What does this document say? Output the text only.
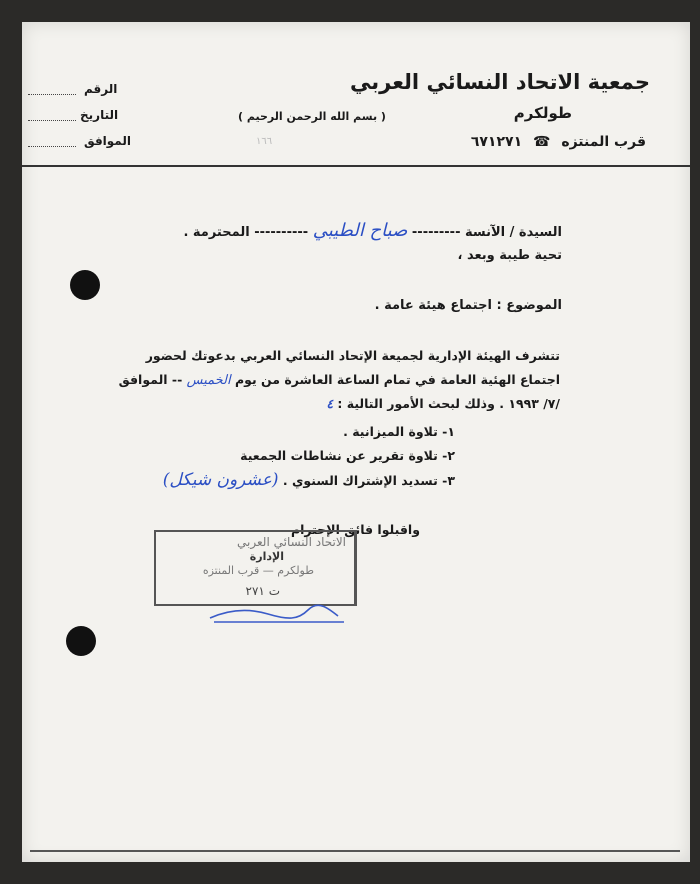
جمعية الاتحاد النسائي العربي
طولكرم
قرب المنتزه ☎ ٦٧١٢٧١
( بسم الله الرحمن الرحيم )
١٦٦
الرقم
التاريخ
الموافق
السيدة / الآنسة --------- صباح الطيبي ---------- المحترمة .
تحية طيبة وبعد ،
الموضوع : اجتماع هيئة عامة .
تتشرف الهيئة الإدارية لجميعة الإتحاد النسائي العربي بدعوتك لحضور
اجتماع الهئية العامة في تمام الساعة العاشرة من يوم الخميس -- الموافق
/٧/ ١٩٩٣ . وذلك لبحث الأمور التالية : ٤
١- تلاوة الميزانية .
٢- تلاوة تقرير عن نشاطات الجمعية
٣- تسديد الإشتراك السنوي . (عشرون شيكل)
واقبلوا فائق الإحترام
الاتحاد النسائي العربي
الإدارة
طولكرم — قرب المنتزه
ت ٢٧١
